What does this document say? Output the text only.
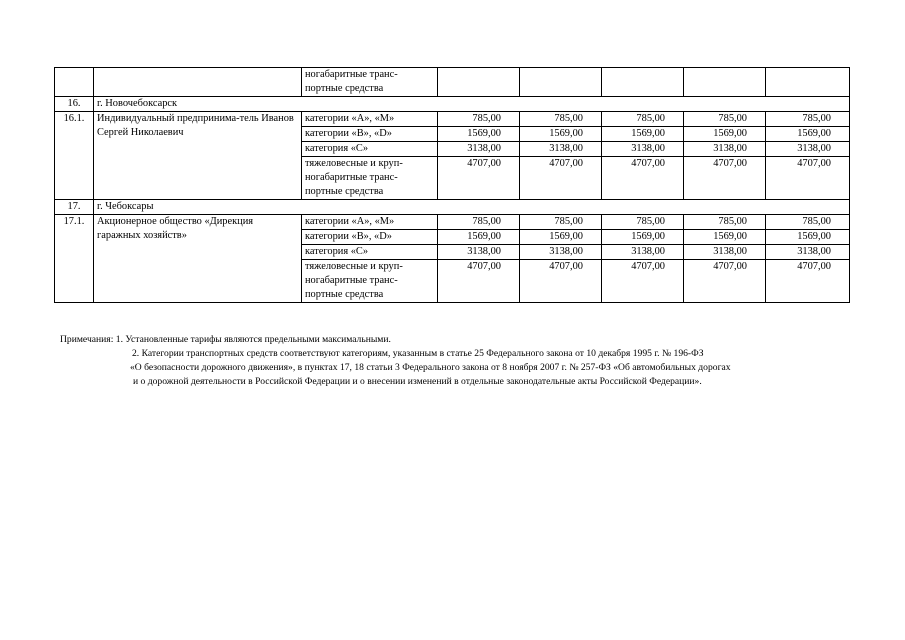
		ногабаритные транс-портные средства					
16.	г. Новочебоксарск						
16.1.	Индивидуальный предпринима-тель Иванов Сергей Николаевич	категории «А», «М»	785,00	785,00	785,00	785,00	785,00
		категории «В», «D»	1569,00	1569,00	1569,00	1569,00	1569,00
		категория «С»	3138,00	3138,00	3138,00	3138,00	3138,00
		тяжеловесные и круп-ногабаритные транс-портные средства	4707,00	4707,00	4707,00	4707,00	4707,00
17.	г. Чебоксары						
17.1.	Акционерное общество «Дирекция гаражных хозяйств»	категории «А», «М»	785,00	785,00	785,00	785,00	785,00
		категории «В», «D»	1569,00	1569,00	1569,00	1569,00	1569,00
		категория «С»	3138,00	3138,00	3138,00	3138,00	3138,00
		тяжеловесные и круп-ногабаритные транс-портные средства	4707,00	4707,00	4707,00	4707,00	4707,00

Примечания: 1. Установленные тарифы являются предельными максимальными.

2. Категории транспортных средств соответствуют категориям, указанным в статье 25 Федерального закона от 10 декабря 1995 г. № 196-ФЗ

«О безопасности дорожного движения», в пунктах 17, 18 статьи 3 Федерального закона от 8 ноября 2007 г. № 257-ФЗ «Об автомобильных дорогах

и о дорожной деятельности в Российской Федерации и о внесении изменений в отдельные законодательные акты Российской Федерации».
